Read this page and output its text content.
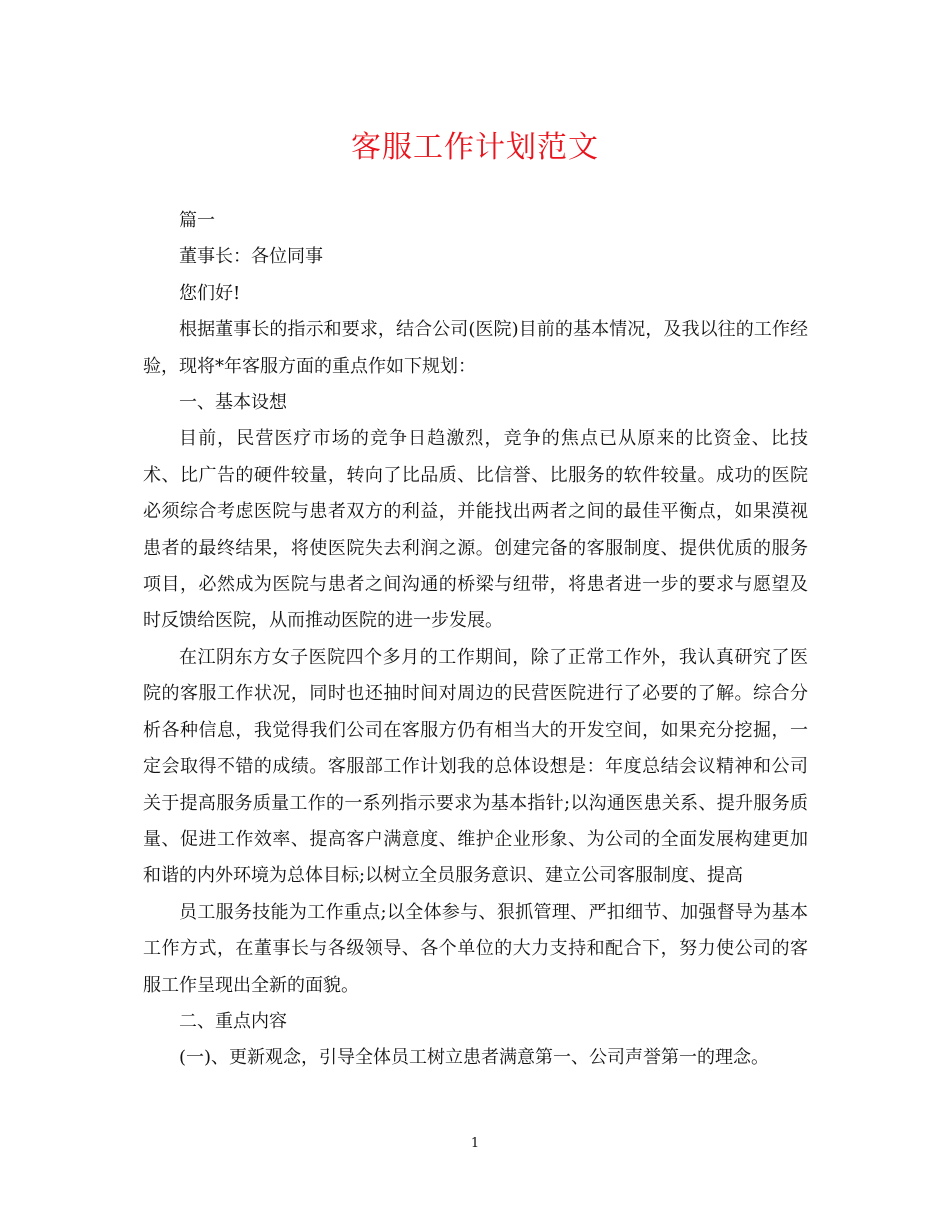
客服工作计划范文

篇一

董事长：各位同事

您们好!

根据董事长的指示和要求，结合公司(医院)目前的基本情况，及我以往的工作经验，现将*年客服方面的重点作如下规划：

一、基本设想

目前，民营医疗市场的竞争日趋激烈，竞争的焦点已从原来的比资金、比技术、比广告的硬件较量，转向了比品质、比信誉、比服务的软件较量。成功的医院必须综合考虑医院与患者双方的利益，并能找出两者之间的最佳平衡点，如果漠视患者的最终结果，将使医院失去利润之源。创建完备的客服制度、提供优质的服务项目，必然成为医院与患者之间沟通的桥梁与纽带，将患者进一步的要求与愿望及时反馈给医院，从而推动医院的进一步发展。

在江阴东方女子医院四个多月的工作期间，除了正常工作外，我认真研究了医院的客服工作状况，同时也还抽时间对周边的民营医院进行了必要的了解。综合分析各种信息，我觉得我们公司在客服方仍有相当大的开发空间，如果充分挖掘，一定会取得不错的成绩。客服部工作计划我的总体设想是：年度总结会议精神和公司关于提高服务质量工作的一系列指示要求为基本指针;以沟通医患关系、提升服务质量、促进工作效率、提高客户满意度、维护企业形象、为公司的全面发展构建更加和谐的内外环境为总体目标;以树立全员服务意识、建立公司客服制度、提高

员工服务技能为工作重点;以全体参与、狠抓管理、严扣细节、加强督导为基本工作方式，在董事长与各级领导、各个单位的大力支持和配合下，努力使公司的客服工作呈现出全新的面貌。

二、重点内容

(一)、更新观念，引导全体员工树立患者满意第一、公司声誉第一的理念。

1
